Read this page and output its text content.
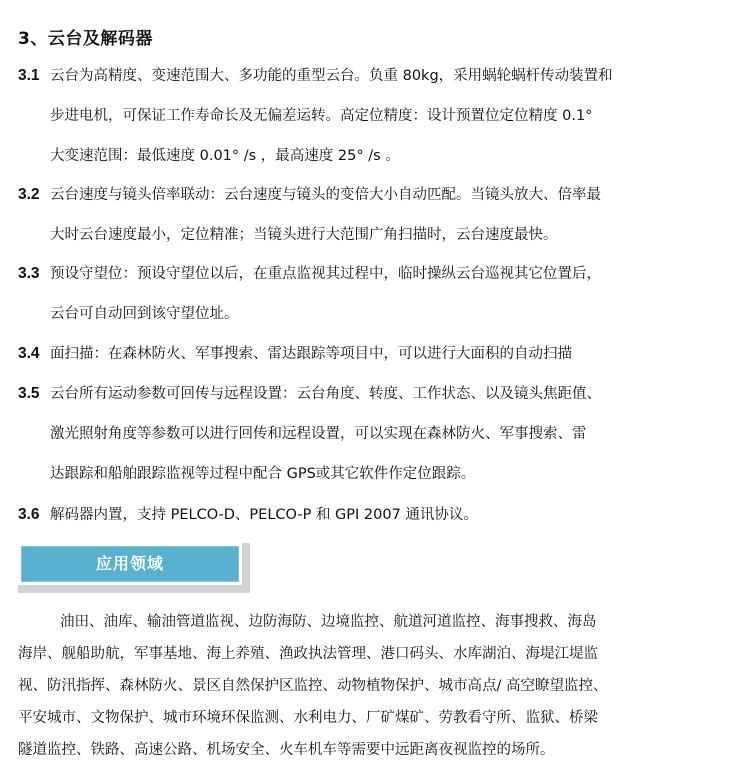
3、云台及解码器
3.1 云台为高精度、变速范围大、多功能的重型云台。负重 80kg，采用蜗轮蜗杆传动装置和
步进电机，可保证工作寿命长及无偏差运转。高定位精度：设计预置位定位精度 0.1°
大变速范围：最低速度 0.01° /s ，最高速度 25° /s 。
3.2 云台速度与镜头倍率联动：云台速度与镜头的变倍大小自动匹配。当镜头放大、倍率最
大时云台速度最小，定位精准；当镜头进行大范围广角扫描时，云台速度最快。
3.3 预设守望位：预设守望位以后，在重点监视其过程中，临时操纵云台巡视其它位置后，
云台可自动回到该守望位址。
3.4 面扫描：在森林防火、军事搜索、雷达跟踪等项目中，可以进行大面积的自动扫描
3.5 云台所有运动参数可回传与远程设置：云台角度、转度、工作状态、以及镜头焦距值、
激光照射角度等参数可以进行回传和远程设置，可以实现在森林防火、军事搜索、雷
达跟踪和船舶跟踪监视等过程中配合 GPS或其它软件作定位跟踪。
3.6 解码器内置，支持 PELCO-D、PELCO-P 和 GPI 2007 通讯协议。
应用领域
油田、油库、输油管道监视、边防海防、边境监控、航道河道监控、海事搜救、海岛
海岸、舰船助航，军事基地、海上养殖、渔政执法管理、港口码头、水库湖泊、海堤江堤监
视、防汛指挥、森林防火、景区自然保护区监控、动物植物保护、城市高点/ 高空瞭望监控、
平安城市、文物保护、城市环境环保监测、水利电力、厂矿煤矿、劳教看守所、监狱、桥梁
隧道监控、铁路、高速公路、机场安全、火车机车等需要中远距离夜视监控的场所。
